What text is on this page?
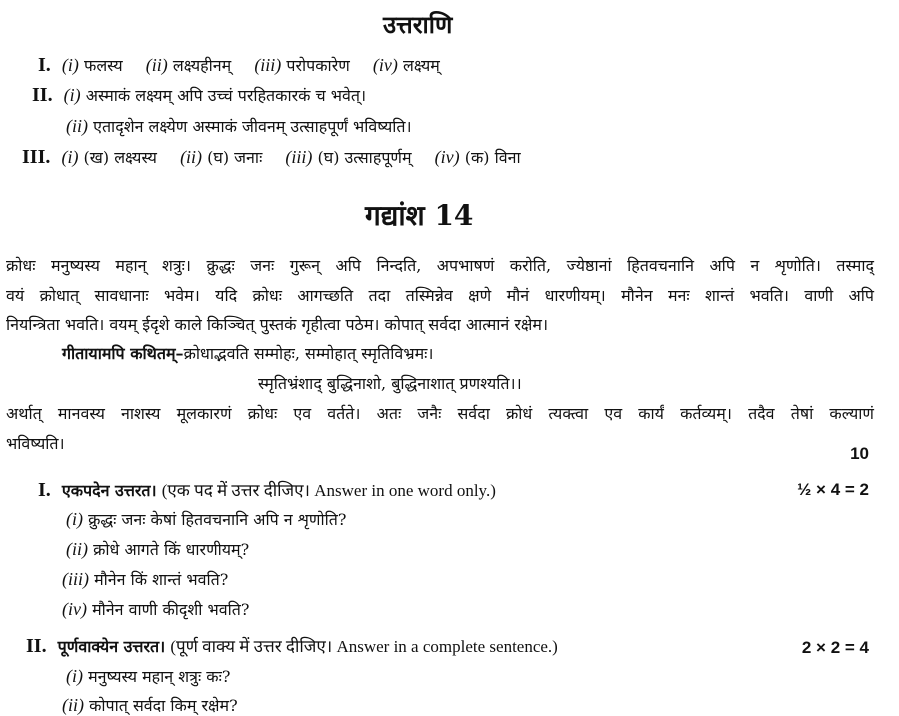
उत्तराणि
I. (i) फलस्य (ii) लक्ष्यहीनम् (iii) परोपकारेण (iv) लक्ष्यम्
II. (i) अस्माकं लक्ष्यम् अपि उच्चं परहितकारकं च भवेत्।
(ii) एतादृशेन लक्ष्येण अस्माकं जीवनम् उत्साहपूर्णं भविष्यति।
III. (i) (ख) लक्ष्यस्य (ii) (घ) जनाः (iii) (घ) उत्साहपूर्णम् (iv) (क) विना
गद्यांश 14
क्रोधः मनुष्यस्य महान् शत्रुः। क्रुद्धः जनः गुरून् अपि निन्दति, अपभाषणं करोति, ज्येष्ठानां हितवचनानि अपि न शृणोति। तस्माद्
वयं क्रोधात् सावधानाः भवेम। यदि क्रोधः आगच्छति तदा तस्मिन्नेव क्षणे मौनं धारणीयम्। मौनेन मनः शान्तं भवति। वाणी अपि
नियन्त्रिता भवति। वयम् ईदृशे काले किञ्चित् पुस्तकं गृहीत्वा पठेम। कोपात् सर्वदा आत्मानं रक्षेम।
गीतायामपि कथितम्–क्रोधाद्भवति सम्मोहः, सम्मोहात् स्मृतिविभ्रमः।
स्मृतिभ्रंशाद् बुद्धिनाशो, बुद्धिनाशात् प्रणश्यति।।
अर्थात् मानवस्य नाशस्य मूलकारणं क्रोधः एव वर्तते। अतः जनैः सर्वदा क्रोधं त्यक्त्वा एव कार्यं कर्तव्यम्। तदैव तेषां कल्याणं
भविष्यति।
10
I. एकपदेन उत्तरत। (एक पद में उत्तर दीजिए। Answer in one word only.)	½ × 4 = 2
(i) क्रुद्धः जनः केषां हितवचनानि अपि न शृणोति?
(ii) क्रोधे आगते किं धारणीयम्?
(iii) मौनेन किं शान्तं भवति?
(iv) मौनेन वाणी कीदृशी भवति?
II. पूर्णवाक्येन उत्तरत। (पूर्ण वाक्य में उत्तर दीजिए। Answer in a complete sentence.)	2 × 2 = 4
(i) मनुष्यस्य महान् शत्रुः कः?
(ii) कोपात् सर्वदा किम् रक्षेम?
